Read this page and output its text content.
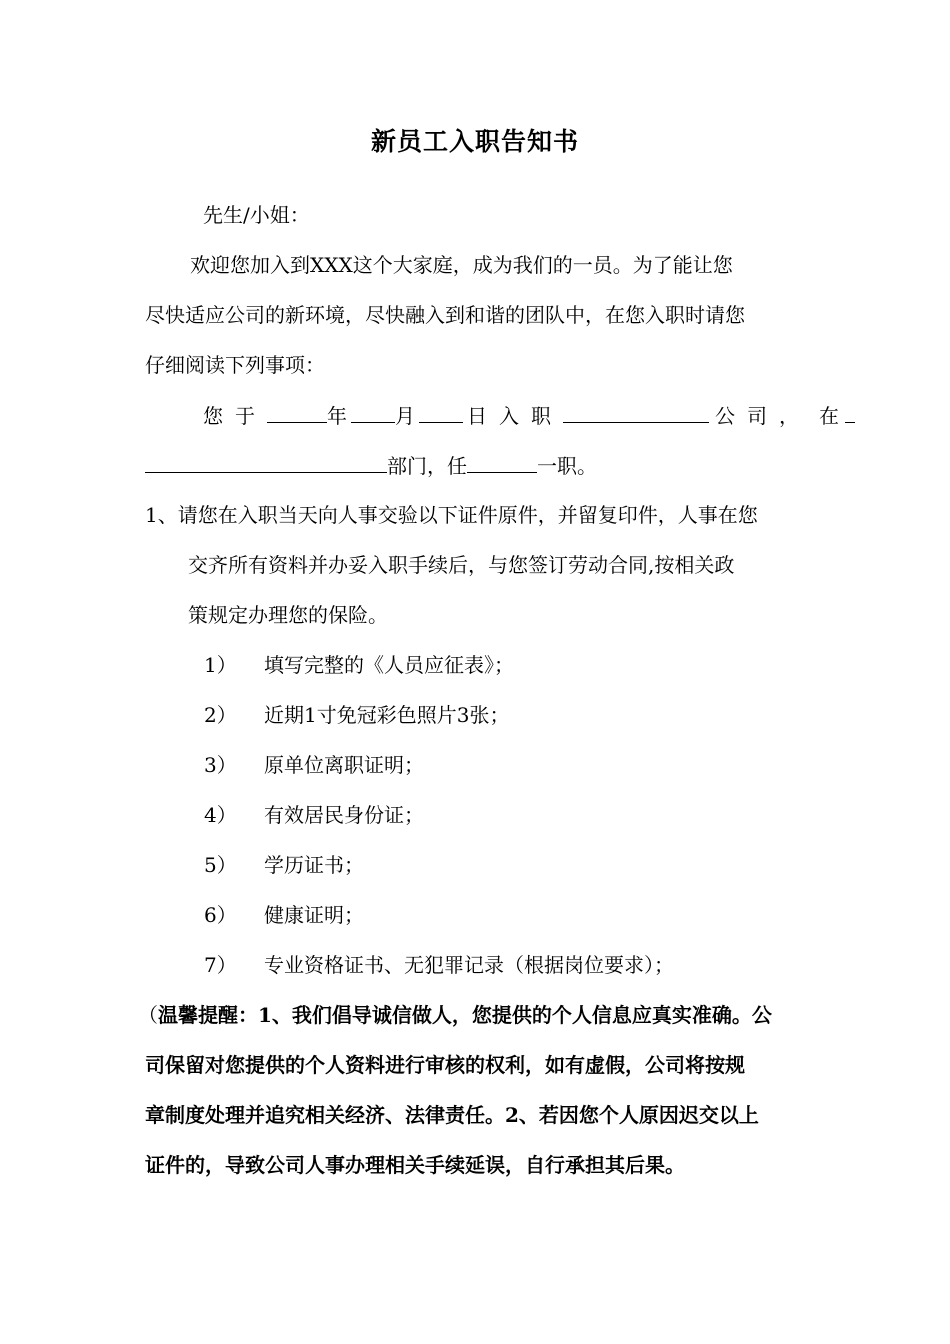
新员工入职告知书
先生/小姐：
欢迎您加入到XXX这个大家庭，成为我们的一员。为了能让您
尽快适应公司的新环境，尽快融入到和谐的团队中，在您入职时请您
仔细阅读下列事项：
您于	年 月	日入职	公司， 在
部门，任	一职。
1、请您在入职当天向人事交验以下证件原件，并留复印件，人事在您
交齐所有资料并办妥入职手续后，与您签订劳动合同,按相关政
策规定办理您的保险。
1） 填写完整的《人员应征表》；
2） 近期1寸免冠彩色照片3张；
3） 原单位离职证明；
4） 有效居民身份证；
5） 学历证书；
6） 健康证明；
7） 专业资格证书、无犯罪记录（根据岗位要求）；
（温馨提醒：1、我们倡导诚信做人，您提供的个人信息应真实准确。公
司保留对您提供的个人资料进行审核的权利，如有虚假，公司将按规
章制度处理并追究相关经济、法律责任。2、若因您个人原因迟交以上
证件的，导致公司人事办理相关手续延误，自行承担其后果。
